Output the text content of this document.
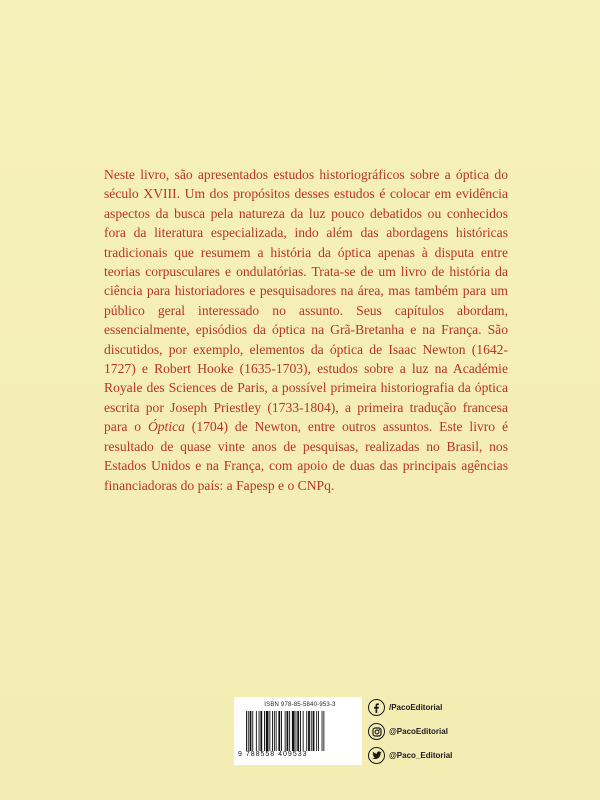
Neste livro, são apresentados estudos historiográficos sobre a óptica do século XVIII. Um dos propósitos desses estudos é colocar em evidência aspectos da busca pela natureza da luz pouco debatidos ou conhecidos fora da literatura especializada, indo além das abordagens históricas tradicionais que resumem a história da óptica apenas à disputa entre teorias corpusculares e ondulatórias. Trata-se de um livro de história da ciência para historiadores e pesquisadores na área, mas também para um público geral interessado no assunto. Seus capítulos abordam, essencialmente, episódios da óptica na Grã-Bretanha e na França. São discutidos, por exemplo, elementos da óptica de Isaac Newton (1642-1727) e Robert Hooke (1635-1703), estudos sobre a luz na Académie Royale des Sciences de Paris, a possível primeira historiografia da óptica escrita por Joseph Priestley (1733-1804), a primeira tradução francesa para o Óptica (1704) de Newton, entre outros assuntos. Este livro é resultado de quase vinte anos de pesquisas, realizadas no Brasil, nos Estados Unidos e na França, com apoio de duas das principais agências financiadoras do país: a Fapesp e o CNPq.

ISBN 978-85-5840-953-3
9 788558 409533
/PacoEditorial
@PacoEditorial
@Paco_Editorial
